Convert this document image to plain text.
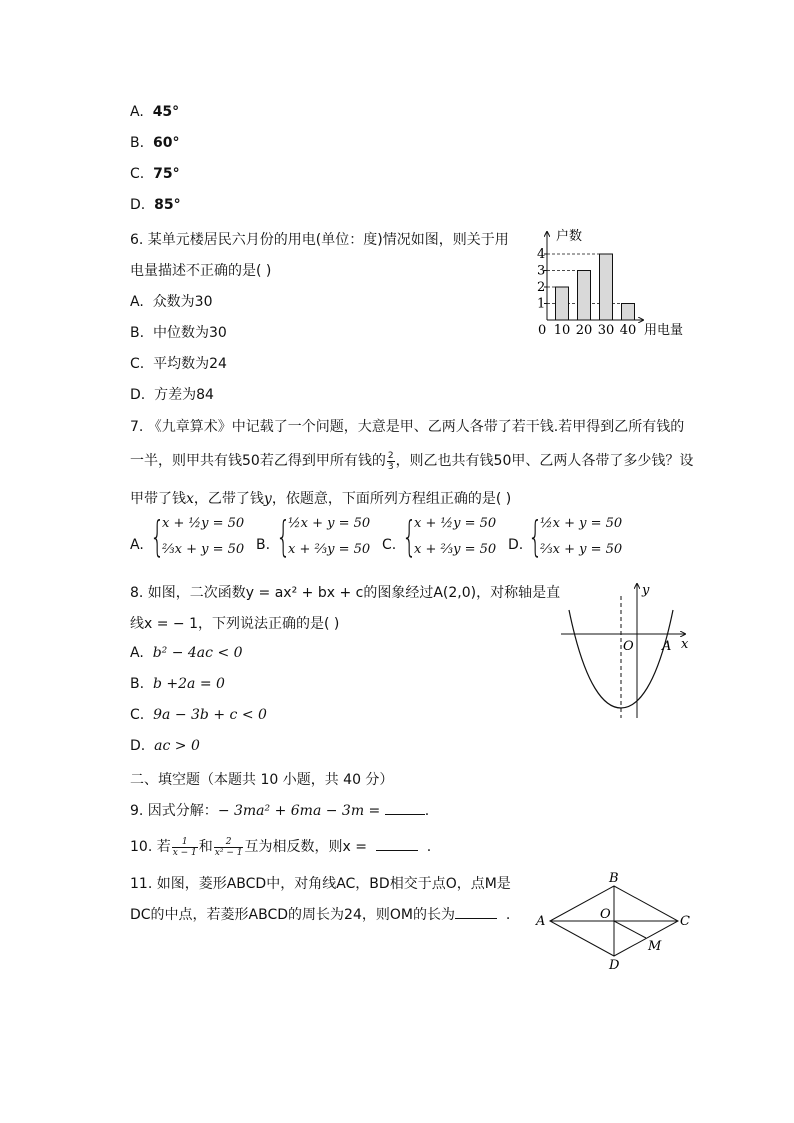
A. 45°
B. 60°
C. 75°
D. 85°
6. 某单元楼居民六月份的用电(单位：度)情况如图，则关于用
电量描述不正确的是( )
A. 众数为30
B. 中位数为30
C. 平均数为24
D. 方差为84
1
2
3
4
10 20 30 40
户数
用电量
0
7. 《九章算术》中记载了一个问题，大意是甲、乙两人各带了若干钱.若甲得到乙所有钱的
一半，则甲共有钱50若乙得到甲所有钱的 $\frac{2}{3}$ ，则乙也共有钱50甲、乙两人各带了多少钱？设
甲带了钱x，乙带了钱y，依题意，下面所列方程组正确的是( )
A. {
x + ½y = 50
⅔x + y = 50 B. {
½x + y = 50
x + ⅔y = 50 C. {
x + ½y = 50
x + ⅔y = 50 D. {
½x + y = 50
⅔x + y = 50
8. 如图，二次函数y = ax² + bx + c的图象经过A(2,0)，对称轴是直
线x = − 1，下列说法正确的是( )
A. b² − 4ac < 0
B. b +2a = 0
C. 9a − 3b + c < 0
D. ac > 0
y
x
O A
二、填空题（本题共 10 小题，共 40 分）
9. 因式分解：− 3ma² + 6ma − 3m =	.
10. 若 $\frac{1}{x - 1}$ 和 $\frac{2}{\text{x² − 1}}$ 互为相反数，则x =	.
11. 如图，菱形ABCD中，对角线AC，BD相交于点O，点M是
DC的中点，若菱形ABCD的周长为24，则OM的长为	. A
B
C
D
O
M
